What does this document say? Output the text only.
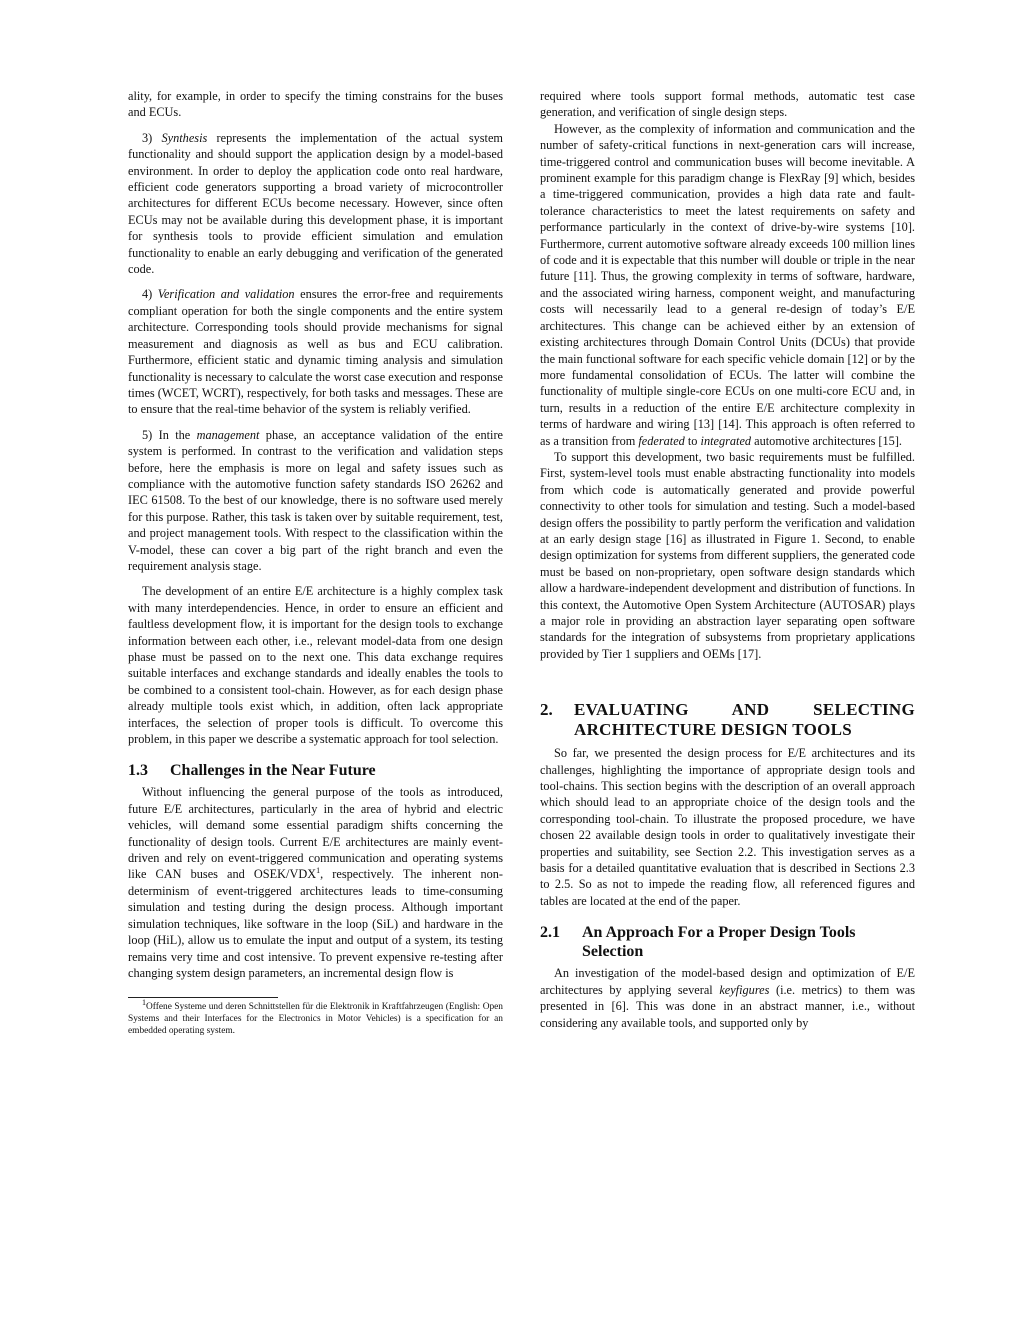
ality, for example, in order to specify the timing constrains for the buses and ECUs.

3) Synthesis represents the implementation of the actual system functionality and should support the application design by a model-based environment. In order to deploy the application code onto real hardware, efficient code generators supporting a broad variety of microcontroller architectures for different ECUs become necessary. However, since often ECUs may not be available during this development phase, it is important for synthesis tools to provide efficient simulation and emulation functionality to enable an early debugging and verification of the generated code.

4) Verification and validation ensures the error-free and requirements compliant operation for both the single components and the entire system architecture. Corresponding tools should provide mechanisms for signal measurement and diagnosis as well as bus and ECU calibration. Furthermore, efficient static and dynamic timing analysis and simulation functionality is necessary to calculate the worst case execution and response times (WCET, WCRT), respectively, for both tasks and messages. These are to ensure that the real-time behavior of the system is reliably verified.

5) In the management phase, an acceptance validation of the entire system is performed. In contrast to the verification and validation steps before, here the emphasis is more on legal and safety issues such as compliance with the automotive function safety standards ISO 26262 and IEC 61508. To the best of our knowledge, there is no software used merely for this purpose. Rather, this task is taken over by suitable requirement, test, and project management tools. With respect to the classification within the V-model, these can cover a big part of the right branch and even the requirement analysis stage.

The development of an entire E/E architecture is a highly complex task with many interdependencies. Hence, in order to ensure an efficient and faultless development flow, it is important for the design tools to exchange information between each other, i.e., relevant model-data from one design phase must be passed on to the next one. This data exchange requires suitable interfaces and exchange standards and ideally enables the tools to be combined to a consistent tool-chain. However, as for each design phase already multiple tools exist which, in addition, often lack appropriate interfaces, the selection of proper tools is difficult. To overcome this problem, in this paper we describe a systematic approach for tool selection.

1.3	Challenges in the Near Future

Without influencing the general purpose of the tools as introduced, future E/E architectures, particularly in the area of hybrid and electric vehicles, will demand some essential paradigm shifts concerning the functionality of design tools. Current E/E architectures are mainly event-driven and rely on event-triggered communication and operating systems like CAN buses and OSEK/VDX$^1$, respectively. The inherent non-determinism of event-triggered architectures leads to time-consuming simulation and testing during the design process. Although important simulation techniques, like software in the loop (SiL) and hardware in the loop (HiL), allow us to emulate the input and output of a system, its testing remains very time and cost intensive. To prevent expensive re-testing after changing system design parameters, an incremental design flow is

$^1$Offene Systeme und deren Schnittstellen für die Elektronik in Kraftfahrzeugen (English: Open Systems and their Interfaces for the Electronics in Motor Vehicles) is a specification for an embedded operating system.

required where tools support formal methods, automatic test case generation, and verification of single design steps.

However, as the complexity of information and communication and the number of safety-critical functions in next-generation cars will increase, time-triggered control and communication buses will become inevitable. A prominent example for this paradigm change is FlexRay [9] which, besides a time-triggered communication, provides a high data rate and fault-tolerance characteristics to meet the latest requirements on safety and performance particularly in the context of drive-by-wire systems [10]. Furthermore, current automotive software already exceeds 100 million lines of code and it is expectable that this number will double or triple in the near future [11]. Thus, the growing complexity in terms of software, hardware, and the associated wiring harness, component weight, and manufacturing costs will necessarily lead to a general re-design of today’s E/E architectures. This change can be achieved either by an extension of existing architectures through Domain Control Units (DCUs) that provide the main functional software for each specific vehicle domain [12] or by the more fundamental consolidation of ECUs. The latter will combine the functionality of multiple single-core ECUs on one multi-core ECU and, in turn, results in a reduction of the entire E/E architecture complexity in terms of hardware and wiring [13] [14]. This approach is often referred to as a transition from federated to integrated automotive architectures [15].

To support this development, two basic requirements must be fulfilled. First, system-level tools must enable abstracting functionality into models from which code is automatically generated and provide powerful connectivity to other tools for simulation and testing. Such a model-based design offers the possibility to partly perform the verification and validation at an early design stage [16] as illustrated in Figure 1. Second, to enable design optimization for systems from different suppliers, the generated code must be based on non-proprietary, open software design standards which allow a hardware-independent development and distribution of functions. In this context, the Automotive Open System Architecture (AUTOSAR) plays a major role in providing an abstraction layer separating open software standards for the integration of subsystems from proprietary applications provided by Tier 1 suppliers and OEMs [17].

2.	EVALUATING AND SELECTING ARCHITECTURE DESIGN TOOLS

So far, we presented the design process for E/E architectures and its challenges, highlighting the importance of appropriate design tools and tool-chains. This section begins with the description of an overall approach which should lead to an appropriate choice of the design tools and the corresponding tool-chain. To illustrate the proposed procedure, we have chosen 22 available design tools in order to qualitatively investigate their properties and suitability, see Section 2.2. This investigation serves as a basis for a detailed quantitative evaluation that is described in Sections 2.3 to 2.5. So as not to impede the reading flow, all referenced figures and tables are located at the end of the paper.

2.1	An Approach For a Proper Design Tools Selection

An investigation of the model-based design and optimization of E/E architectures by applying several keyfigures (i.e. metrics) to them was presented in [6]. This was done in an abstract manner, i.e., without considering any available tools, and supported only by
